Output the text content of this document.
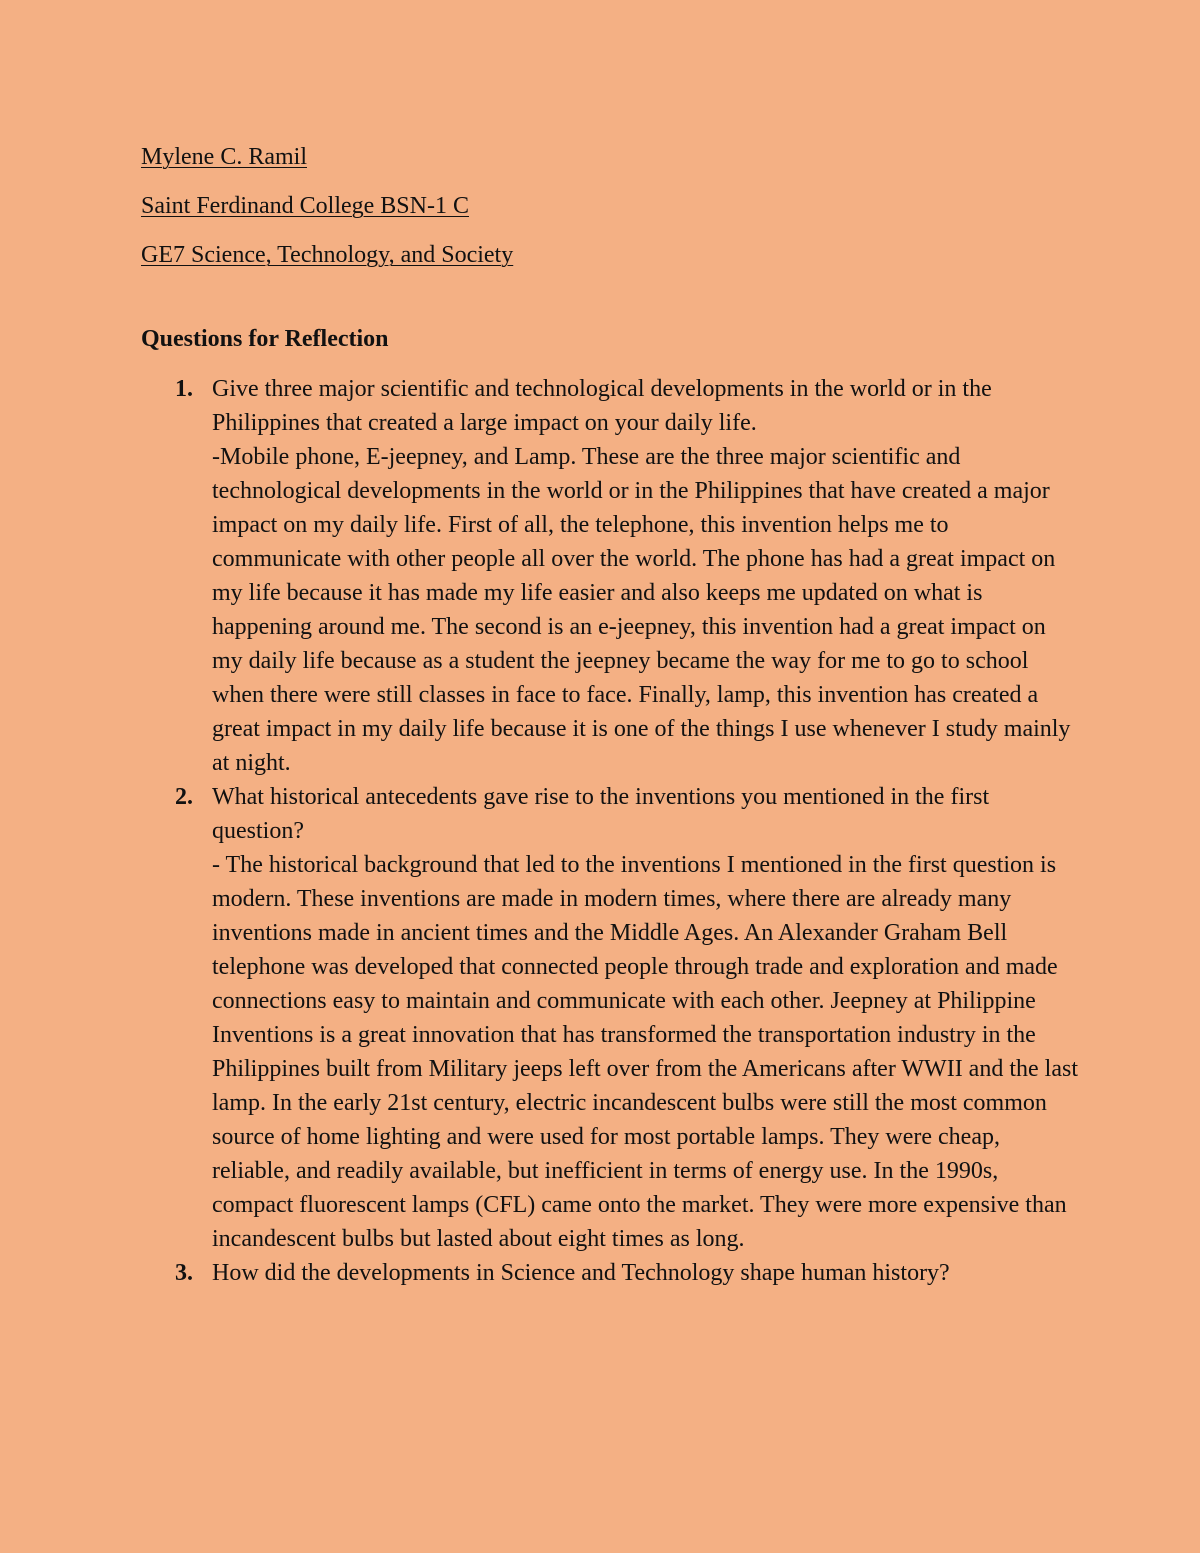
Mylene C. Ramil
Saint Ferdinand College BSN-1 C
GE7 Science, Technology, and Society
Questions for Reflection
1. Give three major scientific and technological developments in the world or in the Philippines that created a large impact on your daily life.
-Mobile phone, E-jeepney, and Lamp. These are the three major scientific and technological developments in the world or in the Philippines that have created a major impact on my daily life. First of all, the telephone, this invention helps me to communicate with other people all over the world. The phone has had a great impact on my life because it has made my life easier and also keeps me updated on what is happening around me. The second is an e-jeepney, this invention had a great impact on my daily life because as a student the jeepney became the way for me to go to school when there were still classes in face to face. Finally, lamp, this invention has created a great impact in my daily life because it is one of the things I use whenever I study mainly at night.
2. What historical antecedents gave rise to the inventions you mentioned in the first question?
- The historical background that led to the inventions I mentioned in the first question is modern. These inventions are made in modern times, where there are already many inventions made in ancient times and the Middle Ages. An Alexander Graham Bell telephone was developed that connected people through trade and exploration and made connections easy to maintain and communicate with each other. Jeepney at Philippine Inventions is a great innovation that has transformed the transportation industry in the Philippines built from Military jeeps left over from the Americans after WWII and the last lamp. In the early 21st century, electric incandescent bulbs were still the most common source of home lighting and were used for most portable lamps. They were cheap, reliable, and readily available, but inefficient in terms of energy use. In the 1990s, compact fluorescent lamps (CFL) came onto the market. They were more expensive than incandescent bulbs but lasted about eight times as long.
3. How did the developments in Science and Technology shape human history?
